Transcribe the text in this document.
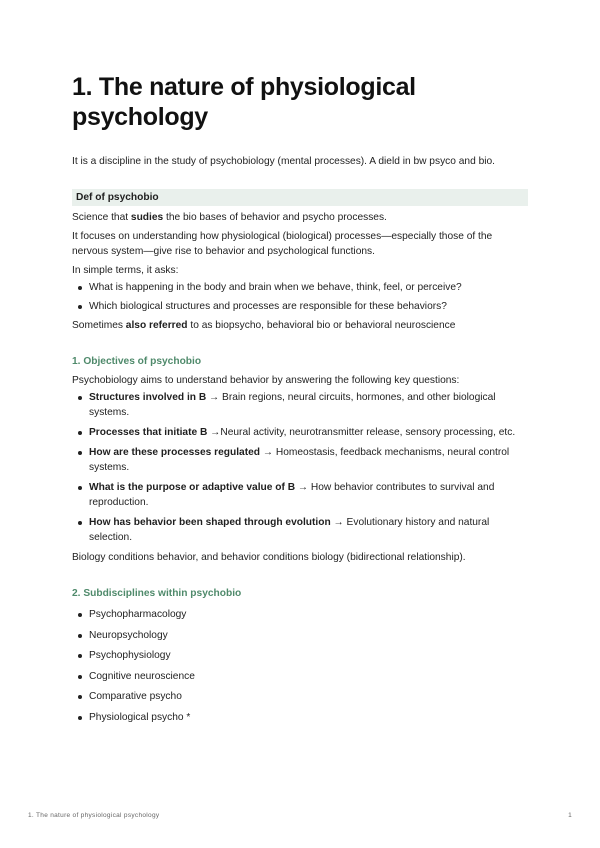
1. The nature of physiological psychology

It is a discipline in the study of psychobiology (mental processes). A dield in bw psyco and bio.

Def of psychobio

Science that sudies the bio bases of behavior and psycho processes.

It focuses on understanding how physiological (biological) processes—especially those of the nervous system—give rise to behavior and psychological functions.

In simple terms, it asks:

What is happening in the body and brain when we behave, think, feel, or perceive?
Which biological structures and processes are responsible for these behaviors?

Sometimes also referred to as biopsycho, behavioral bio or behavioral neuroscience

1. Objectives of psychobio

Psychobiology aims to understand behavior by answering the following key questions:

Structures involved in B → Brain regions, neural circuits, hormones, and other biological systems.
Processes that initiate B →Neural activity, neurotransmitter release, sensory processing, etc.
How are these processes regulated → Homeostasis, feedback mechanisms, neural control systems.
What is the purpose or adaptive value of B → How behavior contributes to survival and reproduction.
How has behavior been shaped through evolution → Evolutionary history and natural selection.

Biology conditions behavior, and behavior conditions biology (bidirectional relationship).

2. Subdisciplines within psychobio
Psychopharmacology
Neuropsychology
Psychophysiology
Cognitive neuroscience
Comparative psycho
Physiological psycho *
1. The nature of physiological psychology	1
